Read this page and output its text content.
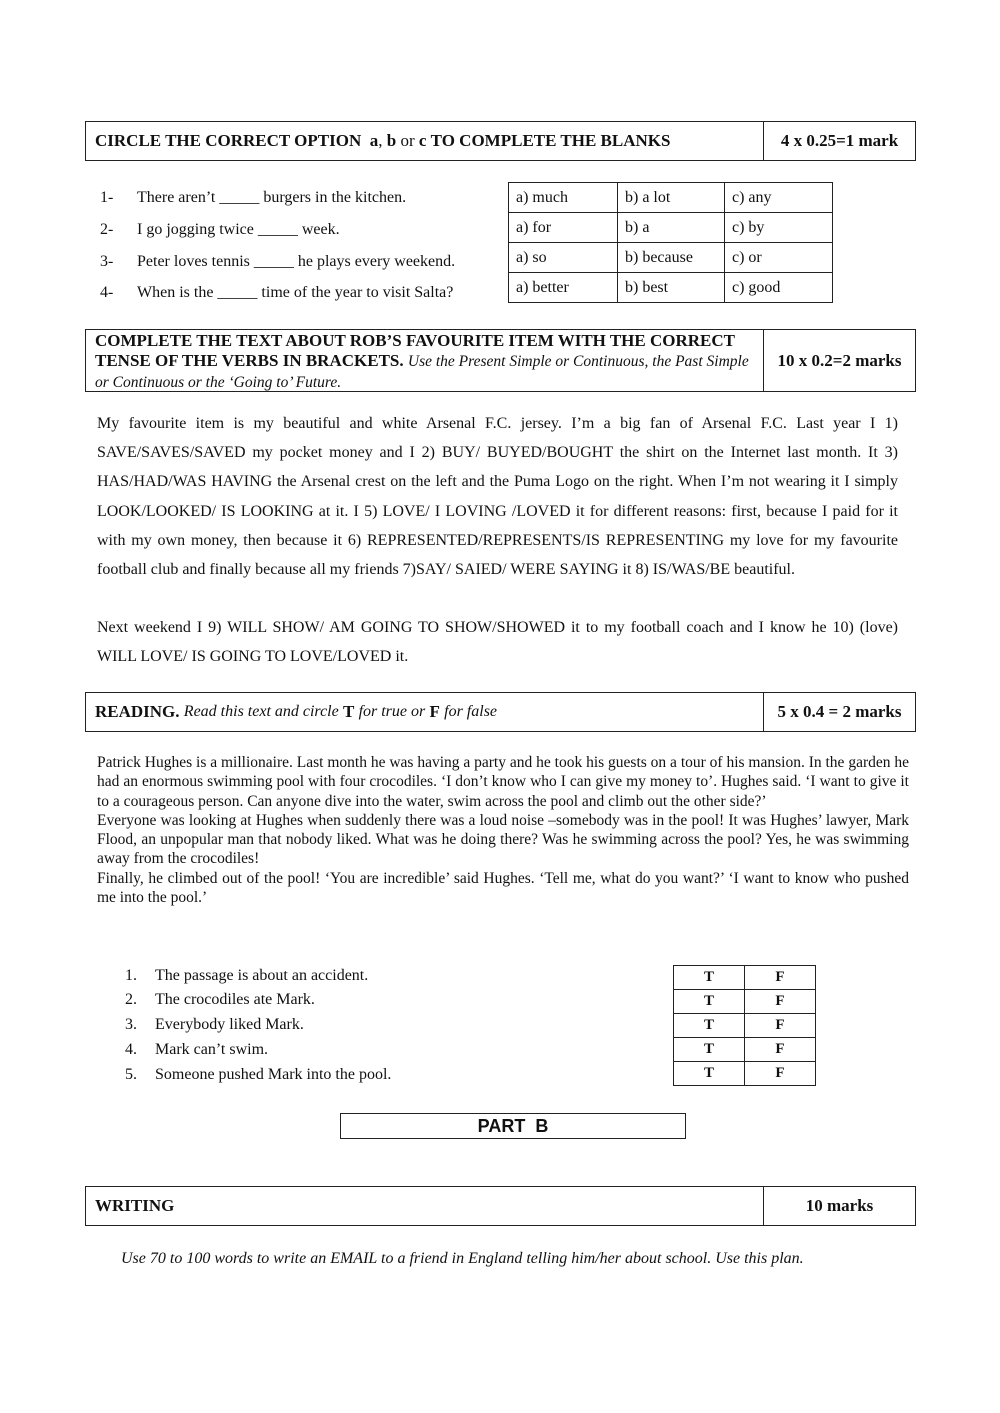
CIRCLE THE CORRECT OPTION
a ,
b
or
c
TO COMPLETE THE BLANKS	4 x 0.25=1 mark
1- There aren’t _____ burgers in the kitchen.
2- I go jogging twice _____ week.
3- Peter loves tennis _____ he plays every weekend.
4- When is the _____ time of the year to visit Salta?
a) much	b) a lot	c) any
a) for	b) a	c) by
a) so	b) because	c) or
a) better	b) best	c) good
COMPLETE THE TEXT ABOUT ROB’S FAVOURITE ITEM WITH THE CORRECT TENSE OF THE VERBS IN BRACKETS. Use the Present Simple or Continuous, the Past Simple or Continuous or the ‘Going to’ Future.
10 x 0.2=2 marks
My favourite item is my beautiful and white Arsenal F.C. jersey. I’m a big fan of Arsenal F.C. Last year I 1) SAVE/SAVES/SAVED my pocket money and I 2) BUY/ BUYED/BOUGHT the shirt on the Internet last month. It 3) HAS/HAD/WAS HAVING the Arsenal crest on the left and the Puma Logo on the right. When I’m not wearing it I simply LOOK/LOOKED/ IS LOOKING at it. I 5) LOVE/ I LOVING /LOVED it for different reasons: first, because I paid for it with my own money, then because it 6) REPRESENTED/REPRESENTS/IS REPRESENTING my love for my favourite football club and finally because all my friends 7)SAY/ SAIED/ WERE SAYING it 8) IS/WAS/BE beautiful.
Next weekend I 9) WILL SHOW/ AM GOING TO SHOW/SHOWED it to my football coach and I know he 10) (love) WILL LOVE/ IS GOING TO LOVE/LOVED it.
READING.
Read this text and circle
T
for true or
F
for false	5 x 0.4 = 2 marks
Patrick Hughes is a millionaire. Last month he was having a party and he took his guests on a tour of his mansion. In the garden he had an enormous swimming pool with four crocodiles. ‘I don’t know who I can give my money to’. Hughes said. ‘I want to give it to a courageous person. Can anyone dive into the water, swim across the pool and climb out the other side?’
Everyone was looking at Hughes when suddenly there was a loud noise –somebody was in the pool! It was Hughes’ lawyer, Mark Flood, an unpopular man that nobody liked. What was he doing there? Was he swimming across the pool? Yes, he was swimming away from the crocodiles!
Finally, he climbed out of the pool! ‘You are incredible’ said Hughes. ‘Tell me, what do you want?’ ‘I want to know who pushed me into the pool.’
1. The passage is about an accident.
2. The crocodiles ate Mark.
3. Everybody liked Mark.
4. Mark can’t swim.
5. Someone pushed Mark into the pool.
T	F
T	F
T	F
T	F
T	F
PART  B
WRITING	10 marks
Use 70 to 100 words to write an EMAIL to a friend in England telling him/her about school. Use this plan.
